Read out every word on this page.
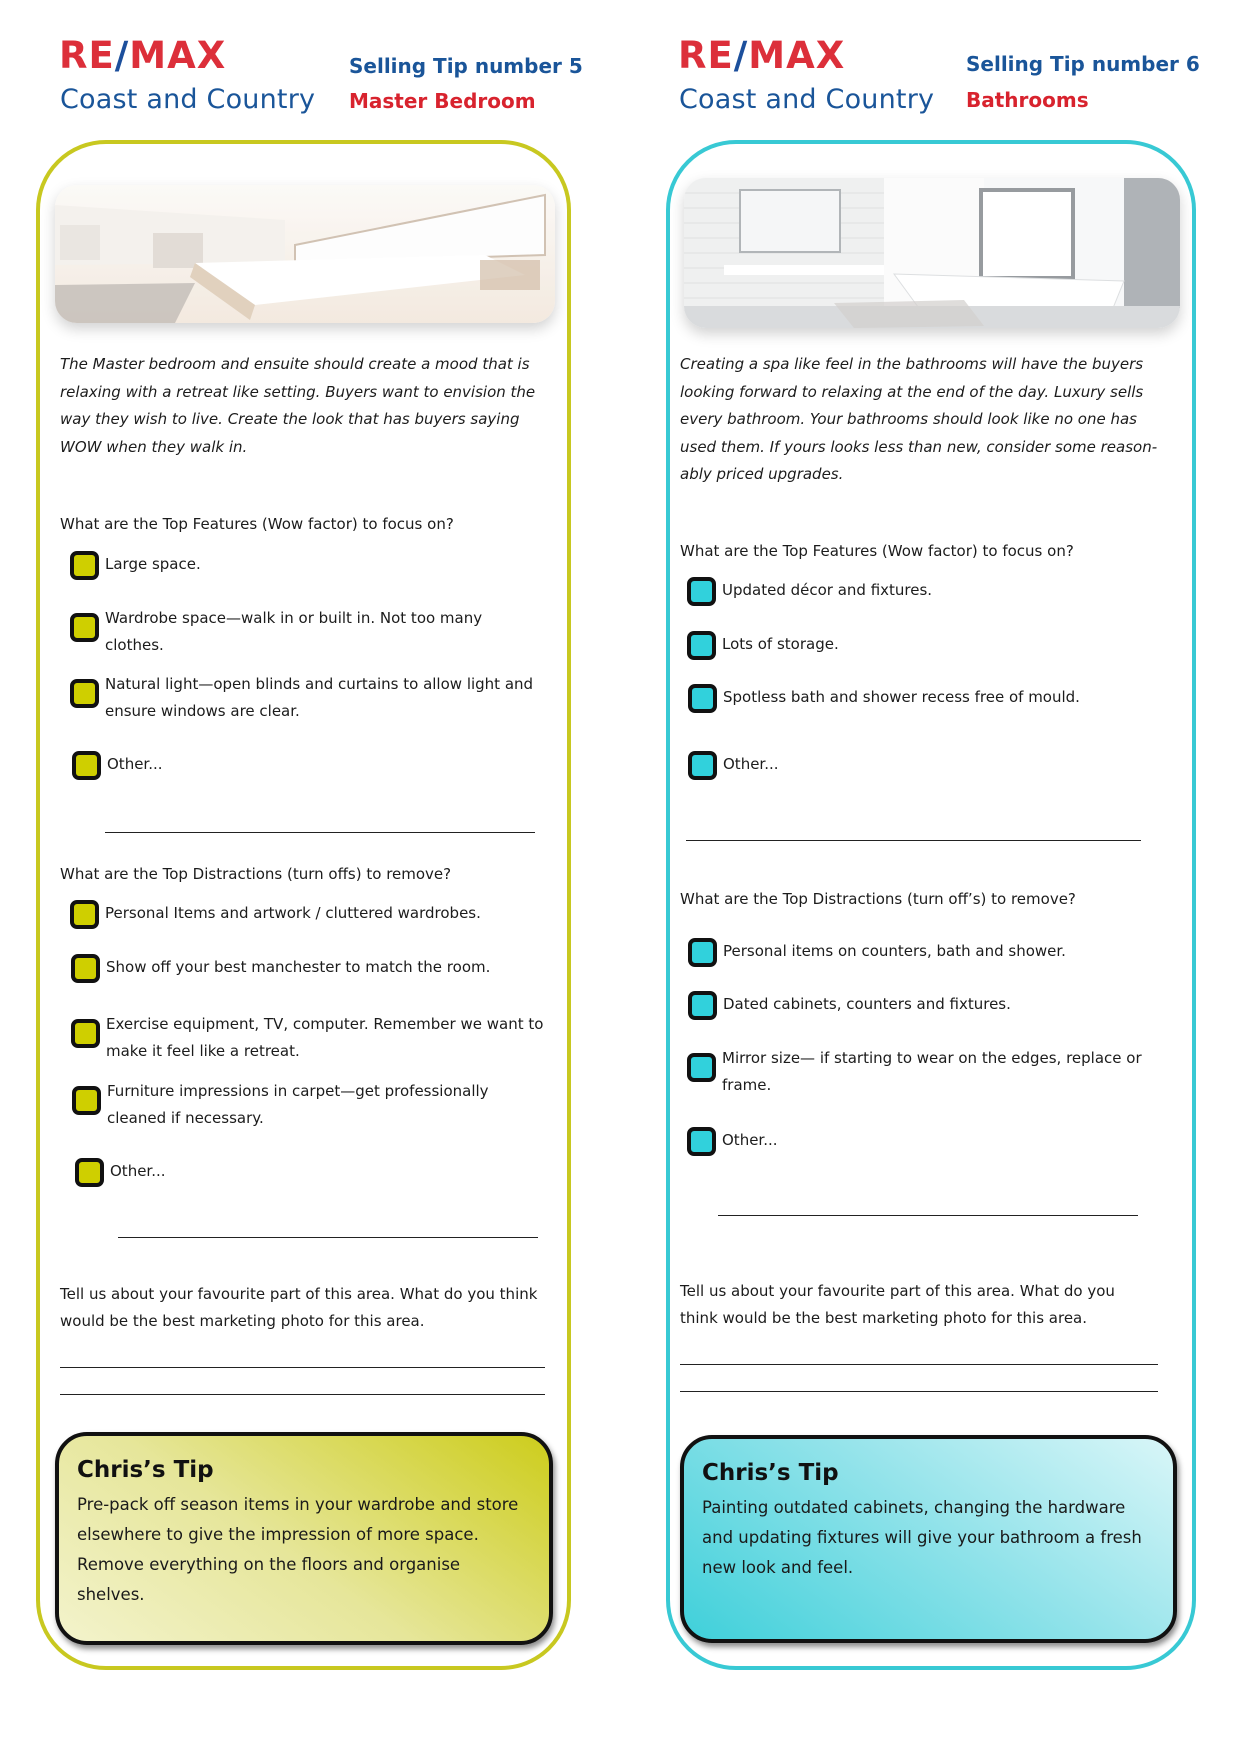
RE/MAX
Coast and Country
Selling Tip number 5
Master Bedroom
The Master bedroom and ensuite should create a mood that is relaxing with a retreat like setting. Buyers want to envision the way they wish to live. Create the look that has buyers saying WOW when they walk in.
What are the Top Features (Wow factor) to focus on?
Large space.
Wardrobe space—walk in or built in. Not too many clothes.
Natural light—open blinds and curtains to allow light and ensure windows are clear.
Other...
What are the Top Distractions (turn offs) to remove?
Personal Items and artwork / cluttered wardrobes.
Show off your best manchester to match the room.
Exercise equipment, TV, computer. Remember we want to make it feel like a retreat.
Furniture impressions in carpet—get professionally cleaned if necessary.
Other...
Tell us about your favourite part of this area. What do you think would be the best marketing photo for this area.
Chris’s Tip
Pre-pack off season items in your wardrobe and store elsewhere to give the impression of more space. Remove everything on the floors and organise shelves.
RE/MAX
Coast and Country
Selling Tip number 6
Bathrooms
Creating a spa like feel in the bathrooms will have the buyers looking forward to relaxing at the end of the day. Luxury sells every bathroom. Your bathrooms should look like no one has used them. If yours looks less than new, consider some reason-ably priced upgrades.
What are the Top Features (Wow factor) to focus on?
Updated décor and fixtures.
Lots of storage.
Spotless bath and shower recess free of mould.
Other...
What are the Top Distractions (turn off’s) to remove?
Personal items on counters, bath and shower.
Dated cabinets, counters and fixtures.
Mirror size— if starting to wear on the edges, replace or frame.
Other...
Tell us about your favourite part of this area. What do you think would be the best marketing photo for this area.
Chris’s Tip
Painting outdated cabinets, changing the hardware and updating fixtures will give your bathroom a fresh new look and feel.
